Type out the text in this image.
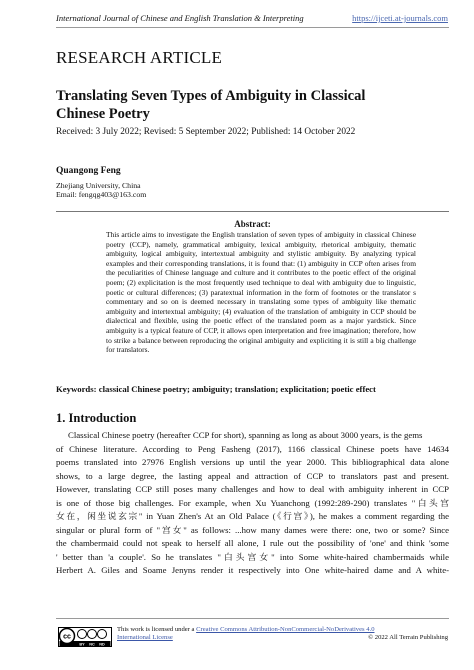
International Journal of Chinese and English Translation & Interpreting	https://ijceti.at-journals.com
RESEARCH ARTICLE
Translating Seven Types of Ambiguity in Classical Chinese Poetry
Received: 3 July 2022; Revised: 5 September 2022; Published: 14 October 2022
Quangong Feng
Zhejiang University, China
Email: fengqg403@163.com
Abstract:
This article aims to investigate the English translation of seven types of ambiguity in classical Chinese poetry (CCP), namely, grammatical ambiguity, lexical ambiguity, rhetorical ambiguity, thematic ambiguity, logical ambiguity, intertextual ambiguity and stylistic ambiguity. By analyzing typical examples and their corresponding translations, it is found that: (1) ambiguity in CCP often arises from the peculiarities of Chinese language and culture and it contributes to the poetic effect of the original poem; (2) explicitation is the most frequently used technique to deal with ambiguity due to linguistic, poetic or cultural differences; (3) paratextual information in the form of footnotes or the translator s commentary and so on is deemed necessary in translating some types of ambiguity like thematic ambiguity and intertextual ambiguity; (4) evaluation of the translation of ambiguity in CCP should be dialectical and flexible, using the poetic effect of the translated poem as a major yardstick. Since ambiguity is a typical feature of CCP, it allows open interpretation and free imagination; therefore, how to strike a balance between reproducing the original ambiguity and expliciting it is still a big challenge for translators.
Keywords: classical Chinese poetry; ambiguity; translation; explicitation; poetic effect
1. Introduction
Classical Chinese poetry (hereafter CCP for short), spanning as long as about 3000 years, is the gems
of Chinese literature. According to Peng Fasheng (2017), 1166 classical Chinese poets have 14634
poems translated into 27976 English versions up until the year 2000. This bibliographical data alone
shows, to a large degree, the lasting appeal and attraction of CCP to translators past and present.
However, translating CCP still poses many challenges and how to deal with ambiguity inherent in CCP
is one of those big challenges. For example, when Xu Yuanchong (1992:289-290) translates "白头宫
女在，闲坐说玄宗" in Yuan Zhen's At an Old Palace (《行宫》), he makes a comment regarding the
singular or plural form of "宫女" as follows: ...how many dames were there: one, two or some? Since
the chambermaid could not speak to herself all alone, I rule out the possibility of 'one' and think 'some
' better than 'a couple'. So he translates "白头宫女" into Some white-haired chambermaids while
Herbert A. Giles and Soame Jenyns render it respectively into One white-haired dame and A white-
cc
BY NC ND
This work is licensed under a Creative Commons Attribution-NonCommercial-NoDerivatives 4.0
International License	© 2022 All Terrain Publishing
